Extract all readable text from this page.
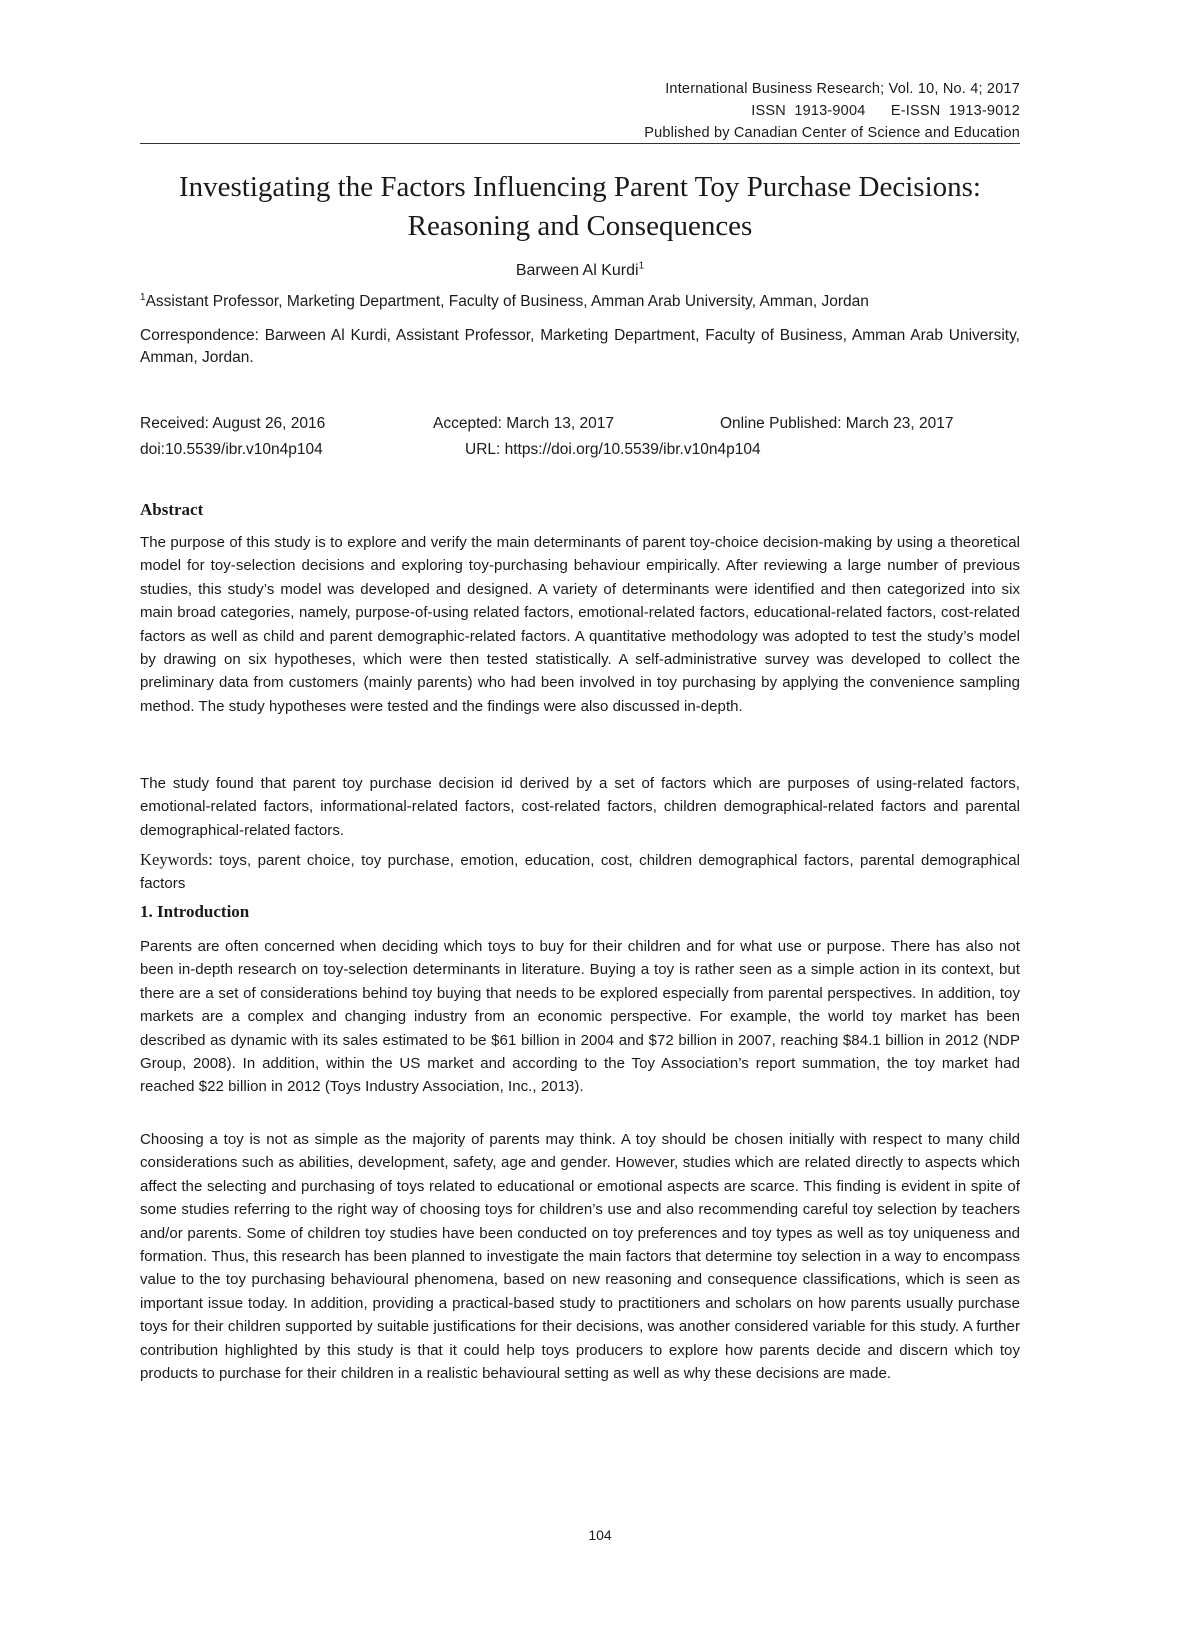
International Business Research; Vol. 10, No. 4; 2017
ISSN  1913-9004      E-ISSN  1913-9012
Published by Canadian Center of Science and Education
Investigating the Factors Influencing Parent Toy Purchase Decisions:
Reasoning and Consequences
Barween Al Kurdi$^1$
$^1$Assistant Professor, Marketing Department, Faculty of Business, Amman Arab University, Amman, Jordan
Correspondence: Barween Al Kurdi, Assistant Professor, Marketing Department, Faculty of Business, Amman Arab University, Amman, Jordan.
Received: August 26, 2016	Accepted: March 13, 2017	Online Published: March 23, 2017
doi:10.5539/ibr.v10n4p104	URL: https://doi.org/10.5539/ibr.v10n4p104
Abstract

The purpose of this study is to explore and verify the main determinants of parent toy-choice decision-making by using a theoretical model for toy-selection decisions and exploring toy-purchasing behaviour empirically. After reviewing a large number of previous studies, this study’s model was developed and designed. A variety of determinants were identified and then categorized into six main broad categories, namely, purpose-of-using related factors, emotional-related factors, educational-related factors, cost-related factors as well as child and parent demographic-related factors. A quantitative methodology was adopted to test the study’s model by drawing on six hypotheses, which were then tested statistically. A self-administrative survey was developed to collect the preliminary data from customers (mainly parents) who had been involved in toy purchasing by applying the convenience sampling method. The study hypotheses were tested and the findings were also discussed in-depth.

The study found that parent toy purchase decision id derived by a set of factors which are purposes of using-related factors, emotional-related factors, informational-related factors, cost-related factors, children demographical-related factors and parental demographical-related factors.

Keywords: toys, parent choice, toy purchase, emotion, education, cost, children demographical factors, parental demographical factors

1. Introduction

Parents are often concerned when deciding which toys to buy for their children and for what use or purpose. There has also not been in-depth research on toy-selection determinants in literature. Buying a toy is rather seen as a simple action in its context, but there are a set of considerations behind toy buying that needs to be explored especially from parental perspectives. In addition, toy markets are a complex and changing industry from an economic perspective. For example, the world toy market has been described as dynamic with its sales estimated to be $61 billion in 2004 and $72 billion in 2007, reaching $84.1 billion in 2012 (NDP Group, 2008). In addition, within the US market and according to the Toy Association’s report summation, the toy market had reached $22 billion in 2012 (Toys Industry Association, Inc., 2013).

Choosing a toy is not as simple as the majority of parents may think. A toy should be chosen initially with respect to many child considerations such as abilities, development, safety, age and gender. However, studies which are related directly to aspects which affect the selecting and purchasing of toys related to educational or emotional aspects are scarce. This finding is evident in spite of some studies referring to the right way of choosing toys for children’s use and also recommending careful toy selection by teachers and/or parents. Some of children toy studies have been conducted on toy preferences and toy types as well as toy uniqueness and formation. Thus, this research has been planned to investigate the main factors that determine toy selection in a way to encompass value to the toy purchasing behavioural phenomena, based on new reasoning and consequence classifications, which is seen as important issue today. In addition, providing a practical-based study to practitioners and scholars on how parents usually purchase toys for their children supported by suitable justifications for their decisions, was another considered variable for this study. A further contribution highlighted by this study is that it could help toys producers to explore how parents decide and discern which toy products to purchase for their children in a realistic behavioural setting as well as why these decisions are made.

104
